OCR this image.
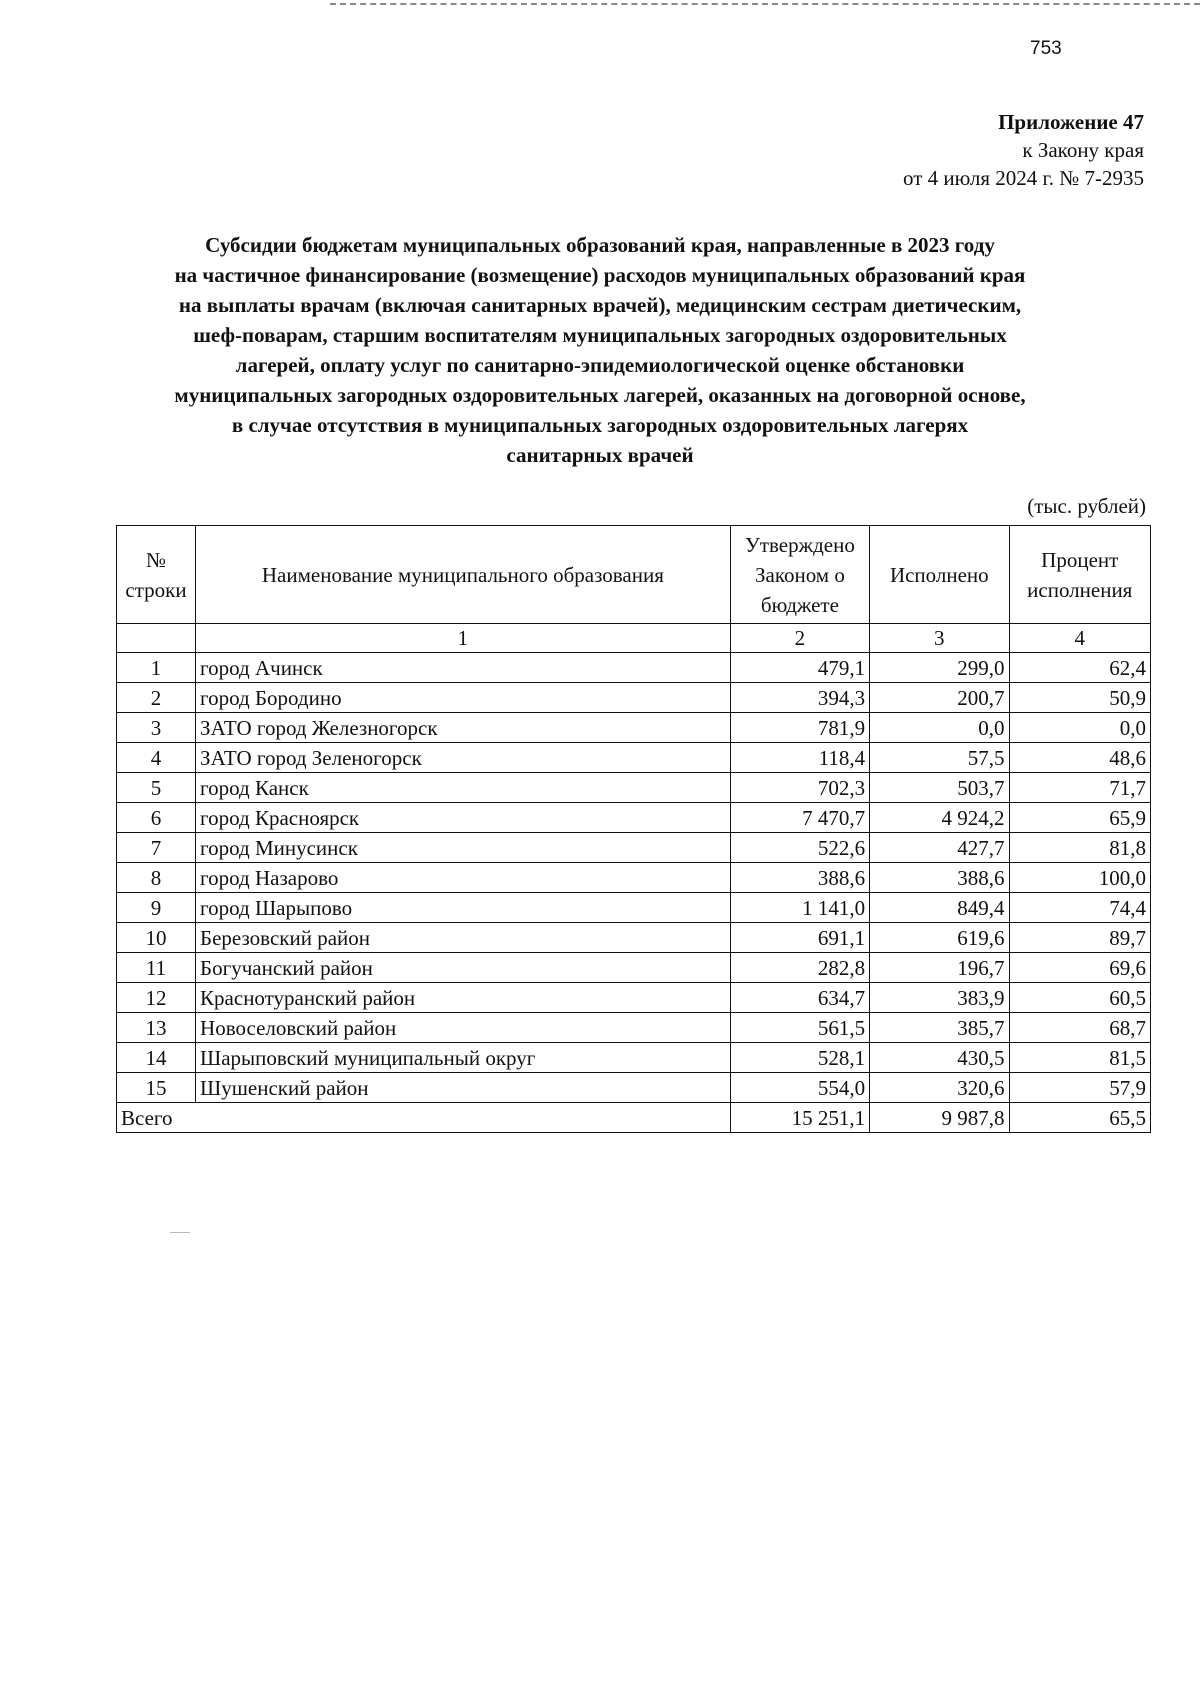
753
Приложение 47
к Закону края
от 4 июля 2024 г. № 7-2935
Субсидии бюджетам муниципальных образований края, направленные в 2023 году
на частичное финансирование (возмещение) расходов муниципальных образований края
на выплаты врачам (включая санитарных врачей), медицинским сестрам диетическим,
шеф-поварам, старшим воспитателям муниципальных загородных оздоровительных
лагерей, оплату услуг по санитарно-эпидемиологической оценке обстановки
муниципальных загородных оздоровительных лагерей, оказанных на договорной основе,
в случае отсутствия в муниципальных загородных оздоровительных лагерях
санитарных врачей
(тыс. рублей)
№ строки	Наименование муниципального образования	Утверждено Законом о бюджете	Исполнено	Процент исполнения
	1	2	3	4
1	город Ачинск	479,1	299,0	62,4
2	город Бородино	394,3	200,7	50,9
3	ЗАТО город Железногорск	781,9	0,0	0,0
4	ЗАТО город Зеленогорск	118,4	57,5	48,6
5	город Канск	702,3	503,7	71,7
6	город Красноярск	7 470,7	4 924,2	65,9
7	город Минусинск	522,6	427,7	81,8
8	город Назарово	388,6	388,6	100,0
9	город Шарыпово	1 141,0	849,4	74,4
10	Березовский район	691,1	619,6	89,7
11	Богучанский район	282,8	196,7	69,6
12	Краснотуранский район	634,7	383,9	60,5
13	Новоселовский район	561,5	385,7	68,7
14	Шарыповский муниципальный округ	528,1	430,5	81,5
15	Шушенский район	554,0	320,6	57,9
Всего		15 251,1	9 987,8	65,5
